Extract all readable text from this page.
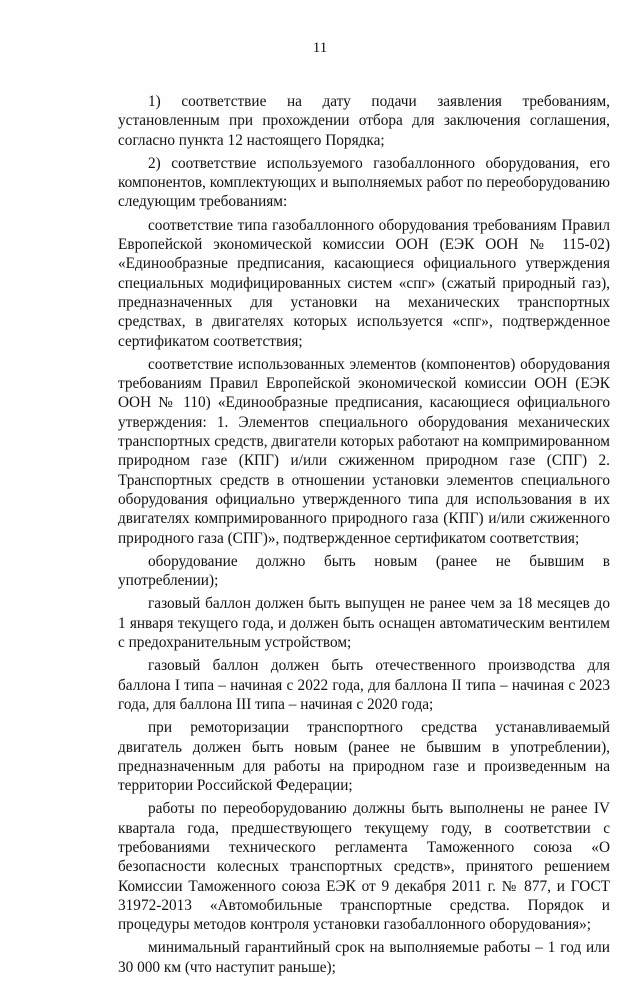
11

1) соответствие на дату подачи заявления требованиям, установленным при прохождении отбора для заключения соглашения, согласно пункта 12 настоящего Порядка;

2) соответствие используемого газобаллонного оборудования, его компонентов, комплектующих и выполняемых работ по переоборудованию следующим требованиям:

соответствие типа газобаллонного оборудования требованиям Правил Европейской экономической комиссии ООН (ЕЭК ООН № 115-02) «Единообразные предписания, касающиеся официального утверждения специальных модифицированных систем «спг» (сжатый природный газ), предназначенных для установки на механических транспортных средствах, в двигателях которых используется «спг», подтвержденное сертификатом соответствия;

соответствие использованных элементов (компонентов) оборудования требованиям Правил Европейской экономической комиссии ООН (ЕЭК ООН № 110) «Единообразные предписания, касающиеся официального утверждения: 1. Элементов специального оборудования механических транспортных средств, двигатели которых работают на компримированном природном газе (КПГ) и/или сжиженном природном газе (СПГ) 2. Транспортных средств в отношении установки элементов специального оборудования официально утвержденного типа для использования в их двигателях компримированного природного газа (КПГ) и/или сжиженного природного газа (СПГ)», подтвержденное сертификатом соответствия;

оборудование должно быть новым (ранее не бывшим в употреблении);

газовый баллон должен быть выпущен не ранее чем за 18 месяцев до 1 января текущего года, и должен быть оснащен автоматическим вентилем с предохранительным устройством;

газовый баллон должен быть отечественного производства для баллона I типа – начиная с 2022 года, для баллона II типа – начиная с 2023 года, для баллона III типа – начиная с 2020 года;

при ремоторизации транспортного средства устанавливаемый двигатель должен быть новым (ранее не бывшим в употреблении), предназначенным для работы на природном газе и произведенным на территории Российской Федерации;

работы по переоборудованию должны быть выполнены не ранее IV квартала года, предшествующего текущему году, в соответствии с требованиями технического регламента Таможенного союза «О безопасности колесных транспортных средств», принятого решением Комиссии Таможенного союза ЕЭК от 9 декабря 2011 г. № 877, и ГОСТ 31972-2013 «Автомобильные транспортные средства. Порядок и процедуры методов контроля установки газобаллонного оборудования»;

минимальный гарантийный срок на выполняемые работы – 1 год или 30 000 км (что наступит раньше);
